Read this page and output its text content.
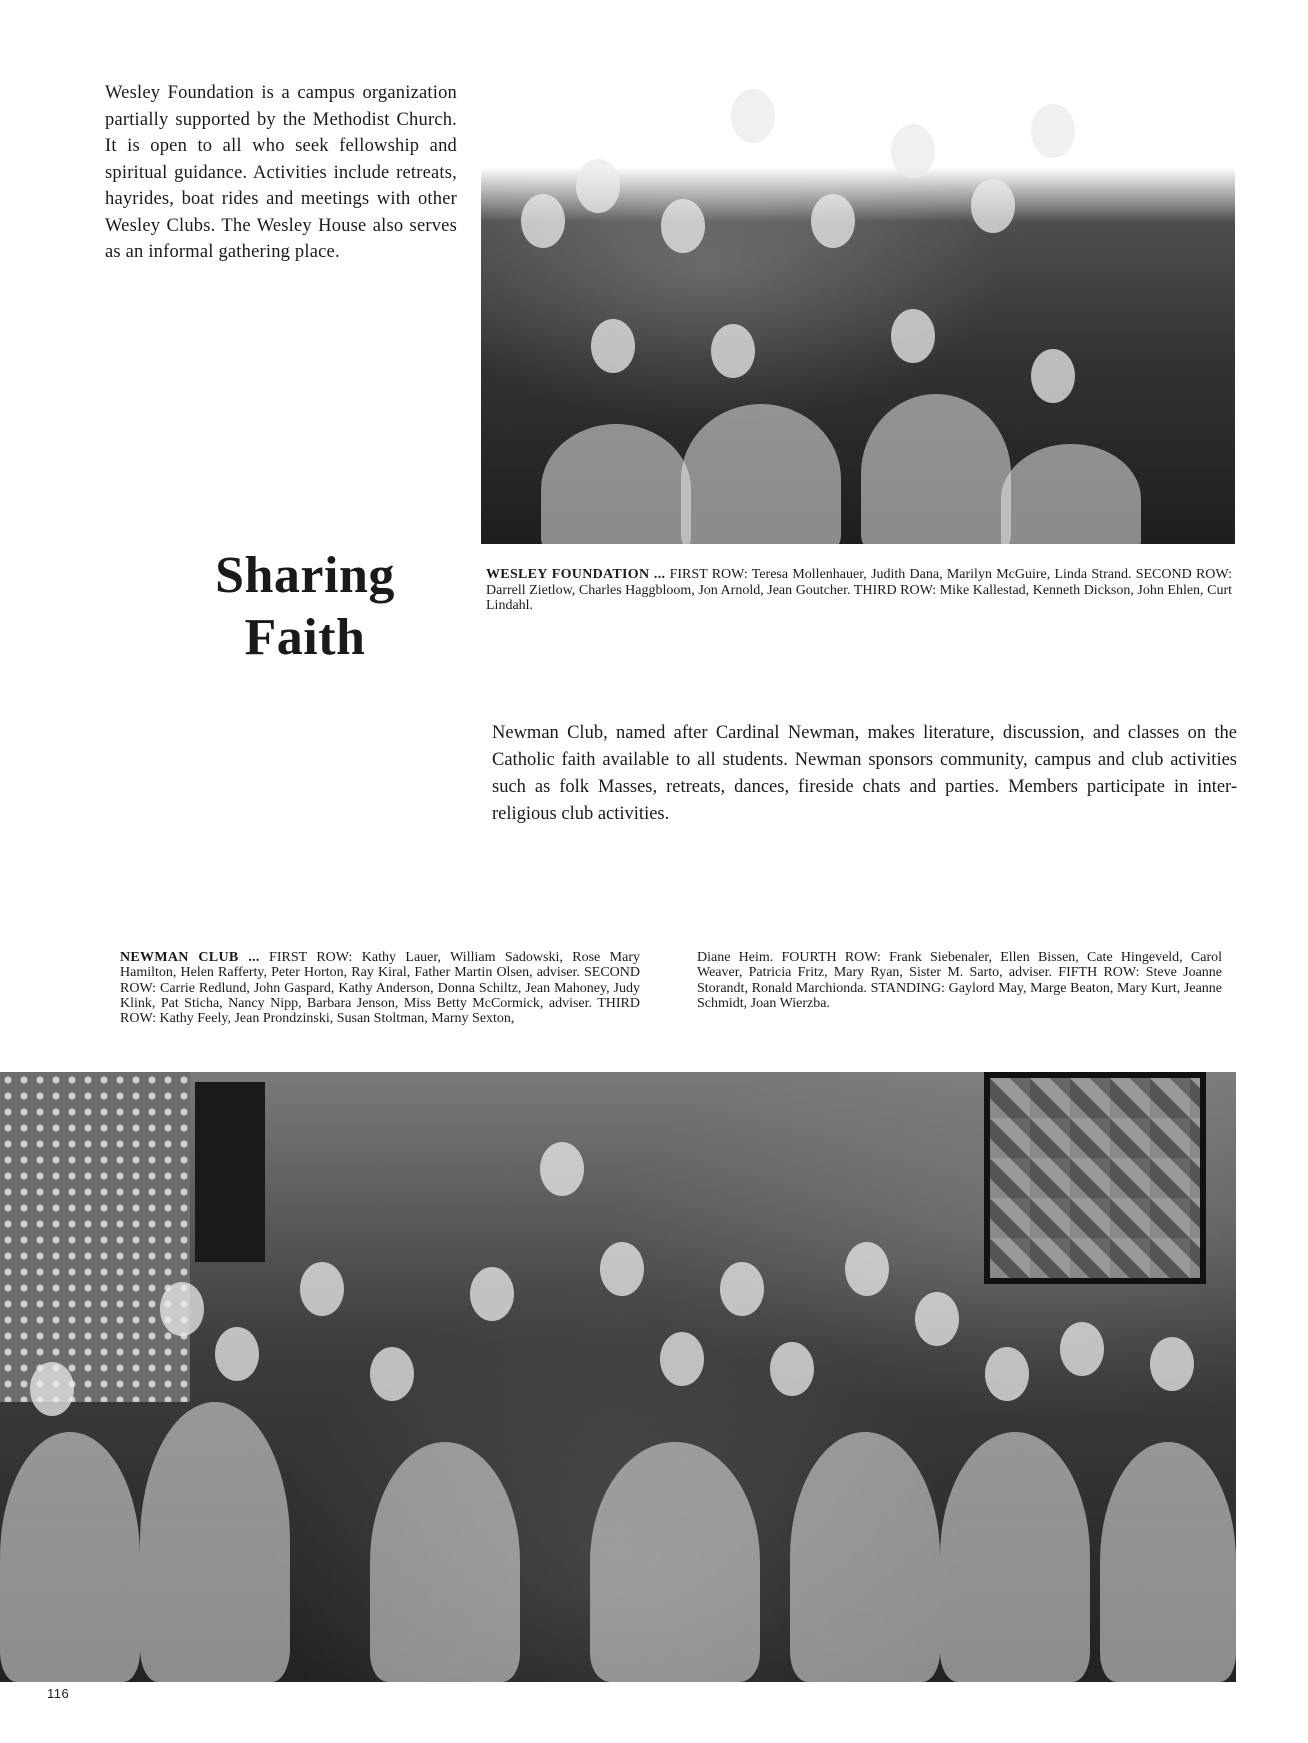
Wesley Foundation is a campus organization partially supported by the Methodist Church. It is open to all who seek fellowship and spiritual guidance. Activities include retreats, hayrides, boat rides and meetings with other Wesley Clubs. The Wesley House also serves as an informal gathering place.
Sharing
Faith
WESLEY FOUNDATION ... FIRST ROW: Teresa Mollenhauer, Judith Dana, Marilyn McGuire, Linda Strand. SECOND ROW: Darrell Zietlow, Charles Haggbloom, Jon Arnold, Jean Goutcher. THIRD ROW: Mike Kallestad, Kenneth Dickson, John Ehlen, Curt Lindahl.
Newman Club, named after Cardinal Newman, makes literature, discussion, and classes on the Catholic faith available to all students. Newman sponsors community, campus and club activities such as folk Masses, retreats, dances, fireside chats and parties. Members participate in inter-religious club activities.
NEWMAN CLUB ... FIRST ROW: Kathy Lauer, William Sadowski, Rose Mary Hamilton, Helen Rafferty, Peter Horton, Ray Kiral, Father Martin Olsen, adviser. SECOND ROW: Carrie Redlund, John Gaspard, Kathy Anderson, Donna Schiltz, Jean Mahoney, Judy Klink, Pat Sticha, Nancy Nipp, Barbara Jenson, Miss Betty McCormick, adviser. THIRD ROW: Kathy Feely, Jean Prondzinski, Susan Stoltman, Marny Sexton,
Diane Heim. FOURTH ROW: Frank Siebenaler, Ellen Bissen, Cate Hingeveld, Carol Weaver, Patricia Fritz, Mary Ryan, Sister M. Sarto, adviser. FIFTH ROW: Steve Joanne Storandt, Ronald Marchionda. STANDING: Gaylord May, Marge Beaton, Mary Kurt, Jeanne Schmidt, Joan Wierzba.
116
